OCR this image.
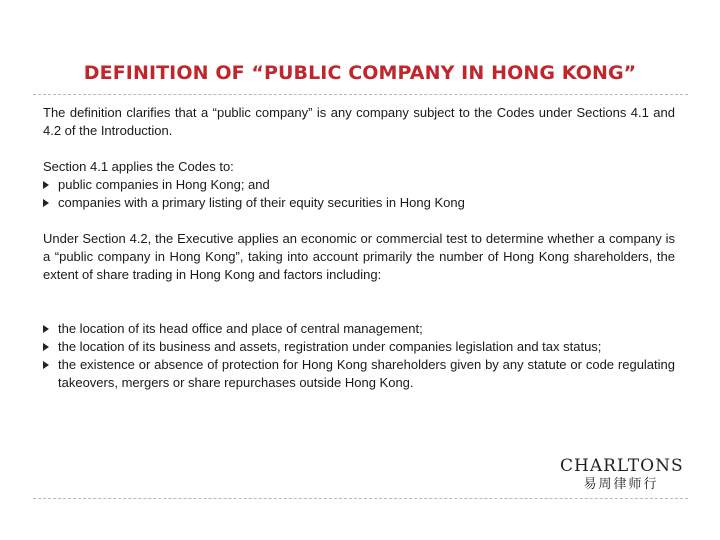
DEFINITION OF “PUBLIC COMPANY IN HONG KONG”

The definition clarifies that a “public company” is any company subject to the Codes under Sections 4.1 and 4.2 of the Introduction.

Section 4.1 applies the Codes to:

public companies in Hong Kong; and
companies with a primary listing of their equity securities in Hong Kong

Under Section 4.2, the Executive applies an economic or commercial test to determine whether a company is a “public company in Hong Kong”, taking into account primarily the number of Hong Kong shareholders, the extent of share trading in Hong Kong and factors including:

the location of its head office and place of central management;
the location of its business and assets, registration under companies legislation and tax status;
the existence or absence of protection for Hong Kong shareholders given by any statute or code regulating takeovers, mergers or share repurchases outside Hong Kong.
CHARLTONS
易周律师行
